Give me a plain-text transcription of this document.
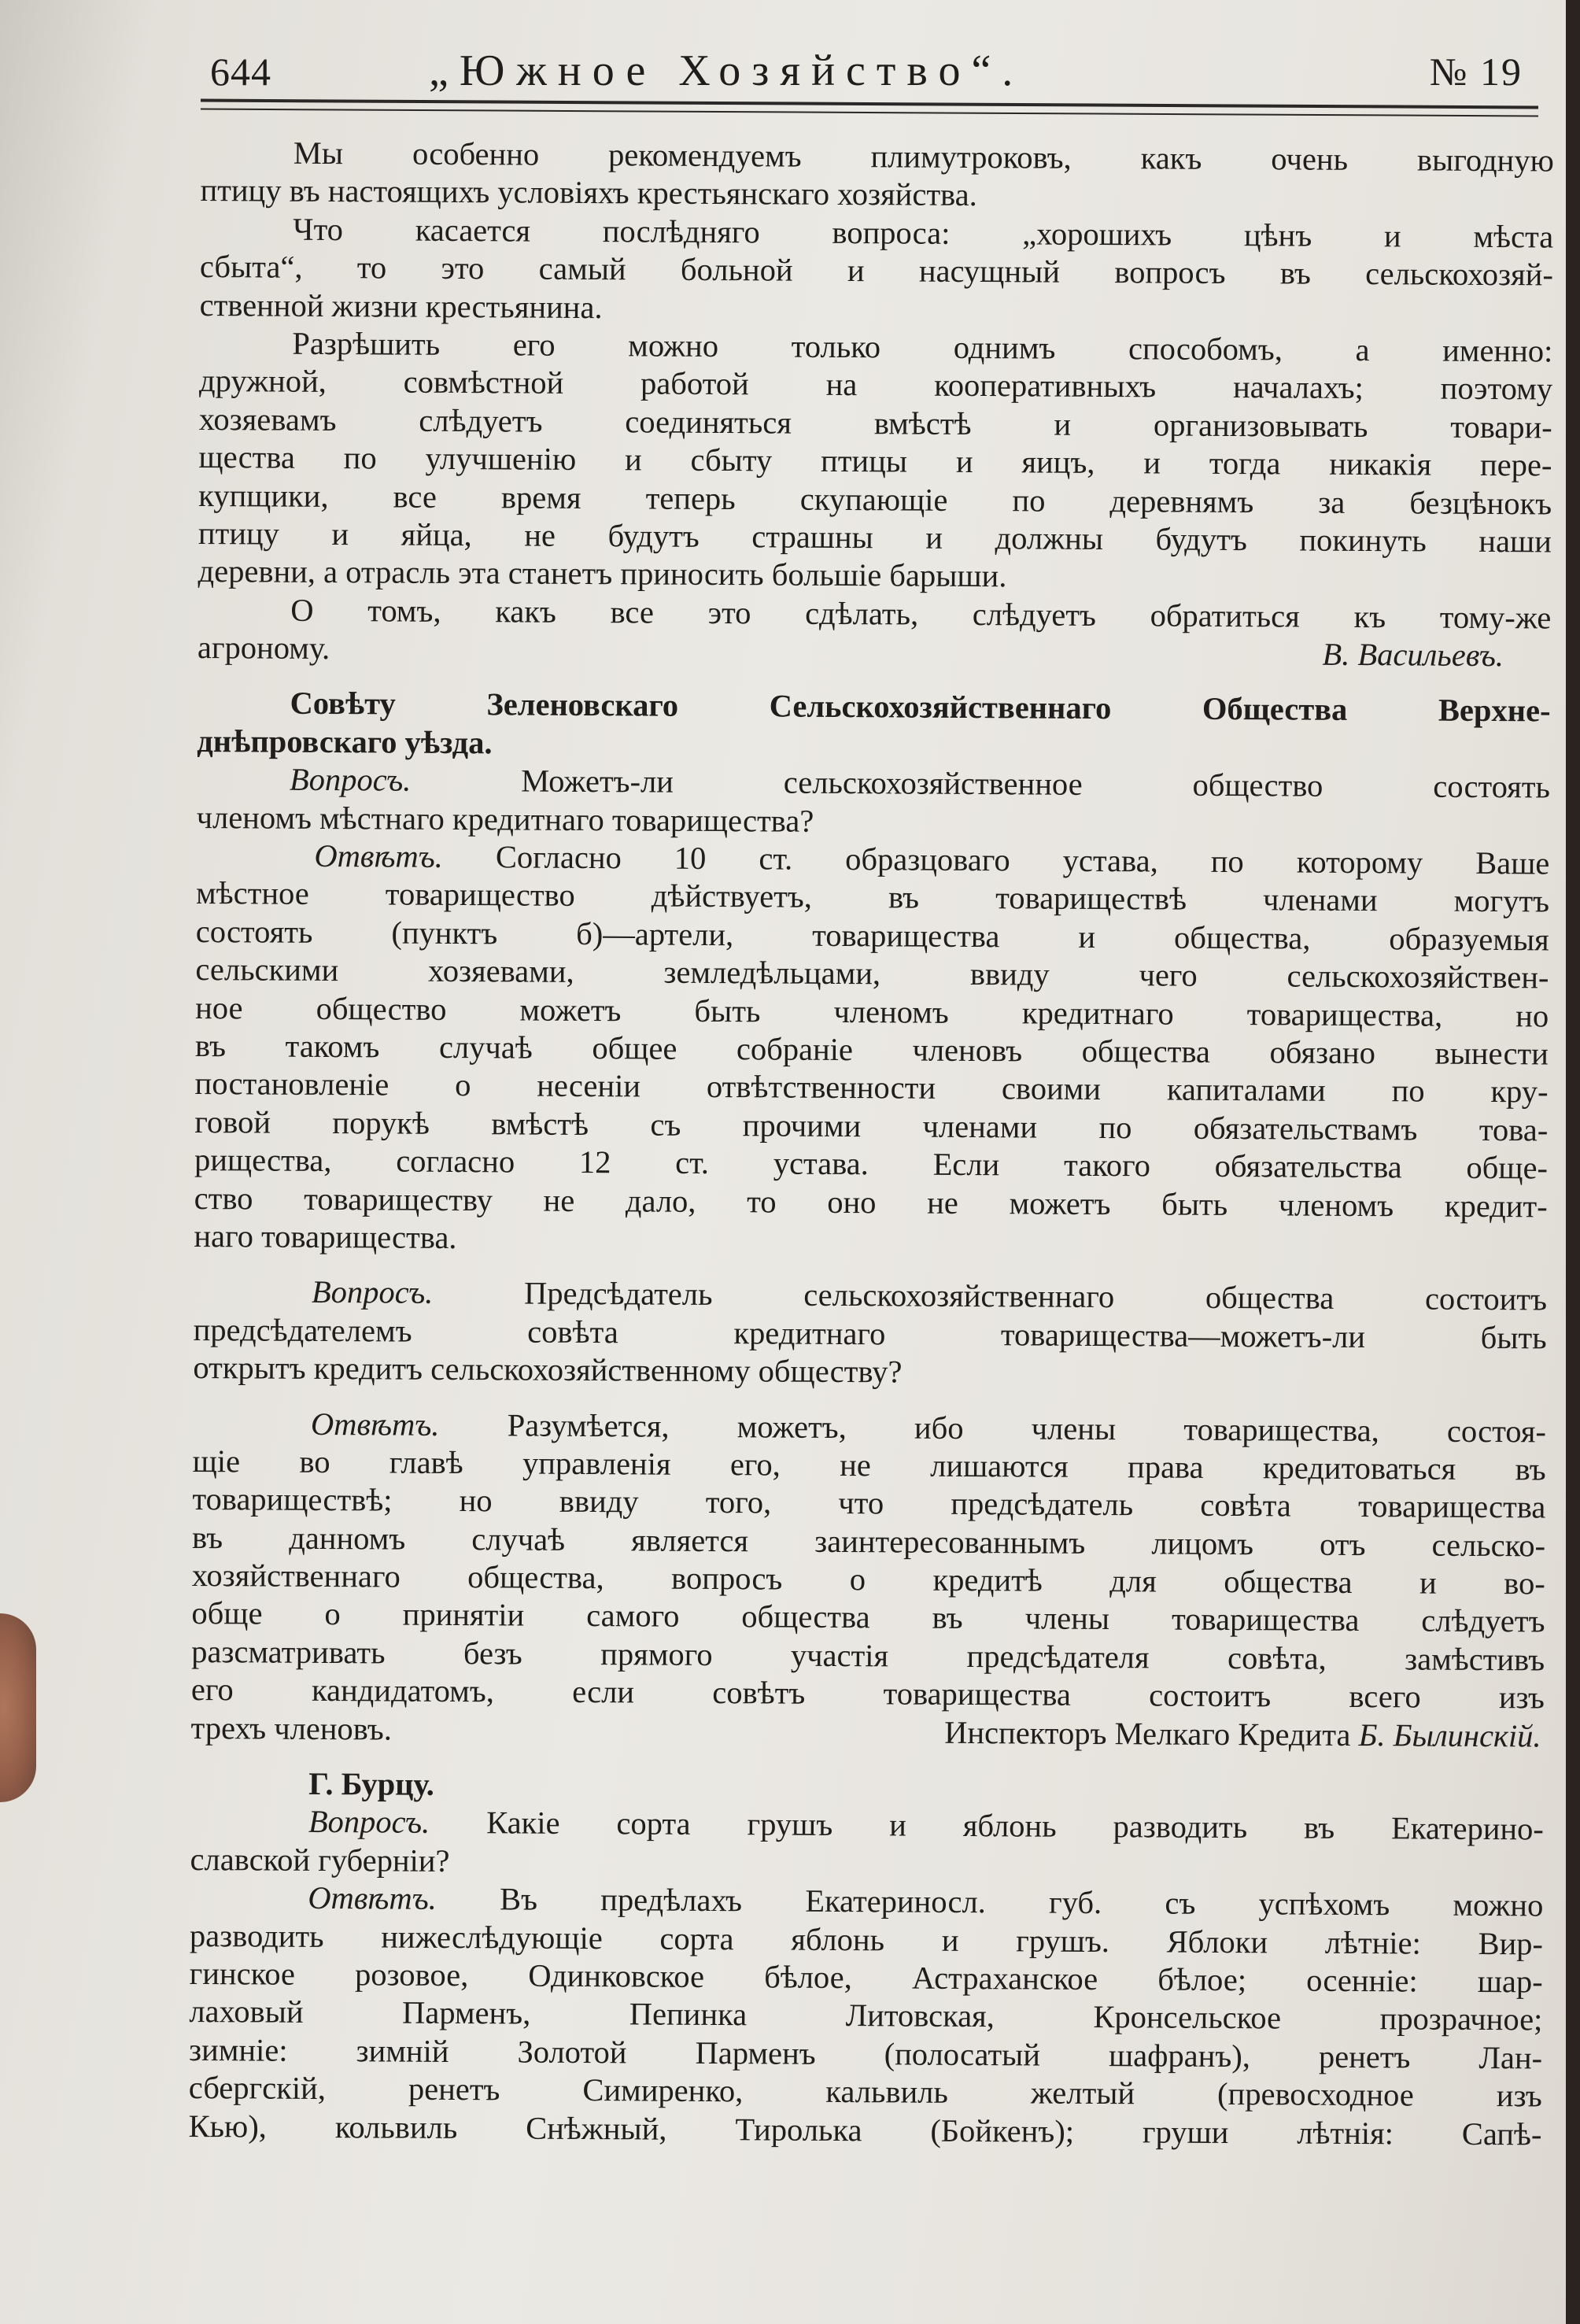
644	„Южное Хозяйство“.	№ 19
Мы особенно рекомендуемъ плимутроковъ, какъ очень выгодную
птицу въ настоящихъ условіяхъ крестьянскаго хозяйства.
Что касается послѣдняго вопроса: „хорошихъ цѣнъ и мѣста
сбыта“, то это самый больной и насущный вопросъ въ сельскохозяй-
ственной жизни крестьянина.
Разрѣшить его можно только однимъ способомъ, а именно:
дружной, совмѣстной работой на кооперативныхъ началахъ; поэтому
хозяевамъ слѣдуетъ соединяться вмѣстѣ и организовывать товари-
щества по улучшенію и сбыту птицы и яицъ, и тогда никакія пере-
купщики, все время теперь скупающіе по деревнямъ за безцѣнокъ
птицу и яйца, не будутъ страшны и должны будутъ покинуть наши
деревни, а отрасль эта станетъ приносить большіе барыши.
О томъ, какъ все это сдѣлать, слѣдуетъ обратиться къ тому-же
агроному.	В. Васильевъ.
Совѣту Зеленовскаго Сельскохозяйственнаго Общества Верхне-
днѣпровскаго уѣзда.
Вопросъ.	Можетъ-ли сельскохозяйственное общество состоять
членомъ мѣстнаго кредитнаго товарищества?
Отвѣтъ. Согласно 10 ст. образцоваго устава, по которому Ваше
мѣстное товарищество дѣйствуетъ, въ товариществѣ членами могутъ
состоять (пунктъ б)—артели, товарищества и общества, образуемыя
сельскими хозяевами, земледѣльцами, ввиду чего сельскохозяйствен-
ное общество можетъ быть членомъ кредитнаго товарищества, но
въ такомъ случаѣ общее собраніе членовъ общества обязано вынести
постановленіе о несеніи отвѣтственности своими капиталами по кру-
говой порукѣ вмѣстѣ съ прочими членами по обязательствамъ това-
рищества, согласно 12 ст. устава. Если такого обязательства обще-
ство товариществу не дало, то оно не можетъ быть членомъ кредит-
наго товарищества.
Вопросъ.	Предсѣдатель сельскохозяйственнаго общества состоитъ
предсѣдателемъ совѣта кредитнаго товарищества—можетъ-ли быть
открытъ кредитъ сельскохозяйственному обществу?
Отвѣтъ. Разумѣется, можетъ, ибо члены товарищества, состоя-
щіе во главѣ управленія его, не лишаются права кредитоваться въ
товариществѣ; но ввиду того, что предсѣдатель совѣта товарищества
въ данномъ случаѣ является заинтересованнымъ лицомъ отъ сельско-
хозяйственнаго общества, вопросъ о кредитѣ для общества и во-
обще о принятіи самого общества въ члены товарищества слѣдуетъ
разсматривать безъ прямого участія предсѣдателя совѣта, замѣстивъ
его кандидатомъ, если совѣтъ товарищества состоитъ всего изъ
трехъ членовъ.	Инспекторъ Мелкаго Кредита Б. Былинскій.
Г. Бурцу.
Вопросъ. Какіе сорта грушъ и яблонь разводить въ Екатерино-
славской губерніи?
Отвѣтъ. Въ предѣлахъ Екатериносл. губ. съ успѣхомъ можно
разводить нижеслѣдующіе сорта яблонь и грушъ. Яблоки лѣтніе: Вир-
гинское розовое, Одинковское бѣлое, Астраханское бѣлое; осенніе: шар-
лаховый Парменъ, Пепинка Литовская, Кронсельское прозрачное;
зимніе: зимній Золотой Парменъ (полосатый шафранъ), ренетъ Лан-
сбергскій, ренетъ Симиренко, кальвиль желтый (превосходное изъ
Кью), кольвиль Снѣжный, Тиролька (Бойкенъ); груши лѣтнія: Сапѣ-
